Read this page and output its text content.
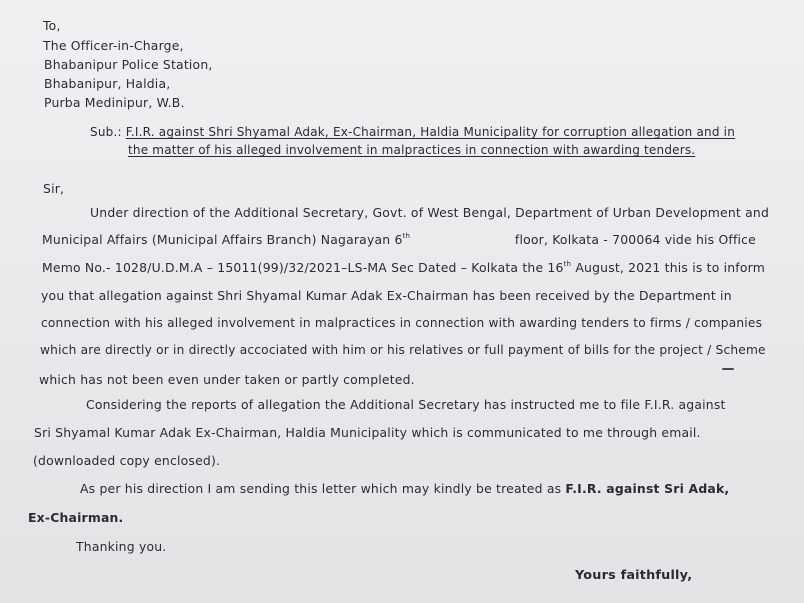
To,
The Officer-in-Charge,
Bhabanipur Police Station,
Bhabanipur, Haldia,
Purba Medinipur, W.B.
Sub.: F.I.R. against Shri Shyamal Adak, Ex-Chairman, Haldia Municipality for corruption allegation and in
the matter of his alleged involvement in malpractices in connection with awarding tenders.
Sir,
Under direction of the Additional Secretary, Govt. of West Bengal, Department of Urban Development and
Municipal Affairs (Municipal Affairs Branch) Nagarayan 6th	floor, Kolkata - 700064 vide his Office
Memo No.- 1028/U.D.M.A – 15011(99)/32/2021–LS-MA Sec Dated – Kolkata the 16th August, 2021 this is to inform
you that allegation against Shri Shyamal Kumar Adak Ex-Chairman has been received by the Department in
connection with his alleged involvement in malpractices in connection with awarding tenders to firms / companies
which are directly or in directly accociated with him or his relatives or full payment of bills for the project / Scheme
which has not been even under taken or partly completed.
Considering the reports of allegation the Additional Secretary has instructed me to file F.I.R. against
Sri Shyamal Kumar Adak Ex-Chairman, Haldia Municipality which is communicated to me through email.
(downloaded copy enclosed).
As per his direction I am sending this letter which may kindly be treated as F.I.R. against Sri Adak,
Ex-Chairman.
Thanking you.
Yours faithfully,
